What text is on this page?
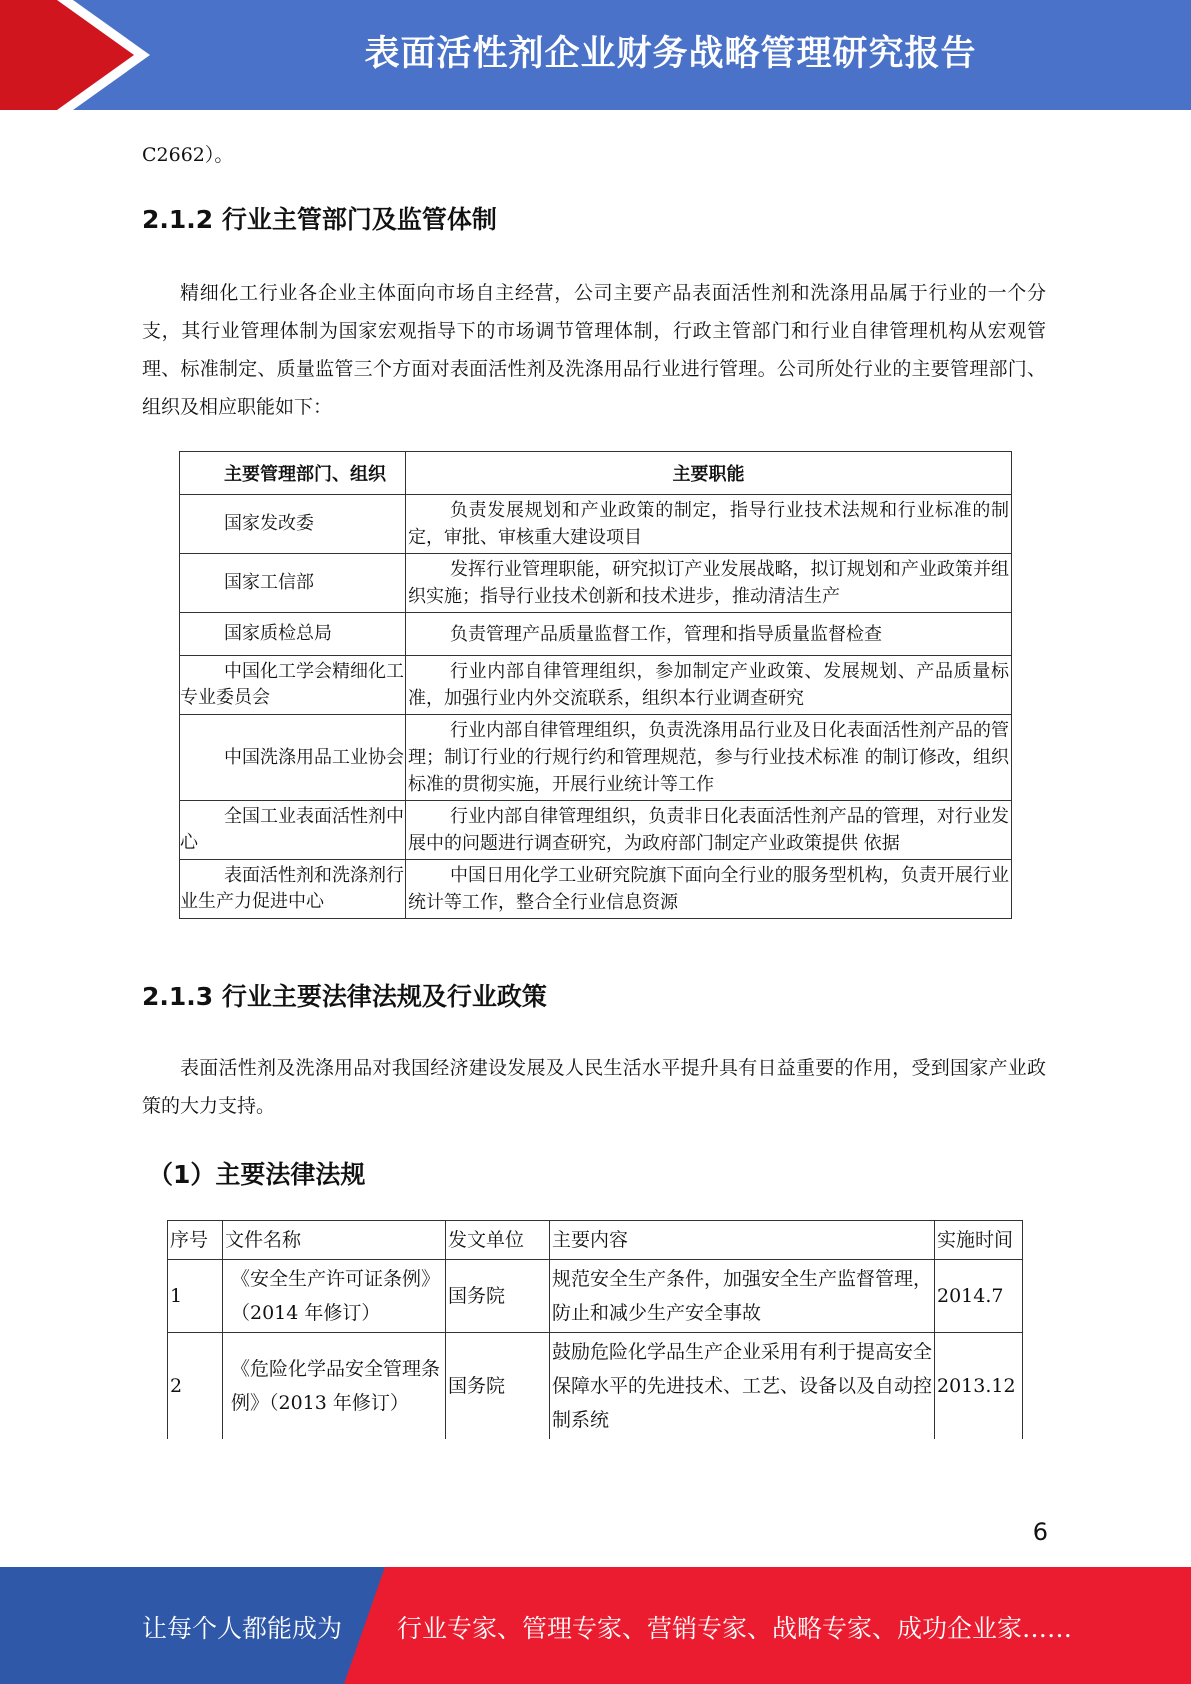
表面活性剂企业财务战略管理研究报告
C2662）。
2.1.2 行业主管部门及监管体制

精细化工行业各企业主体面向市场自主经营，公司主要产品表面活性剂和洗涤用品属于行业的一个分支，其行业管理体制为国家宏观指导下的市场调节管理体制，行政主管部门和行业自律管理机构从宏观管理、标准制定、质量监管三个方面对表面活性剂及洗涤用品行业进行管理。公司所处行业的主要管理部门、组织及相应职能如下：

主要管理部门、组织	主要职能
国家发改委	负责发展规划和产业政策的制定，指导行业技术法规和行业标准的制定，审批、审核重大建设项目
国家工信部	发挥行业管理职能，研究拟订产业发展战略，拟订规划和产业政策并组织实施；指导行业技术创新和技术进步，推动清洁生产
国家质检总局	负责管理产品质量监督工作，管理和指导质量监督检查
中国化工学会精细化工专业委员会	行业内部自律管理组织，参加制定产业政策、发展规划、产品质量标准，加强行业内外交流联系，组织本行业调查研究
中国洗涤用品工业协会	行业内部自律管理组织，负责洗涤用品行业及日化表面活性剂产品的管理；制订行业的行规行约和管理规范，参与行业技术标准 的制订修改，组织标准的贯彻实施，开展行业统计等工作
全国工业表面活性剂中心	行业内部自律管理组织，负责非日化表面活性剂产品的管理，对行业发展中的问题进行调查研究，为政府部门制定产业政策提供 依据
表面活性剂和洗涤剂行业生产力促进中心	中国日用化学工业研究院旗下面向全行业的服务型机构，负责开展行业统计等工作，整合全行业信息资源
2.1.3 行业主要法律法规及行业政策

表面活性剂及洗涤用品对我国经济建设发展及人民生活水平提升具有日益重要的作用，受到国家产业政策的大力支持。

（1）主要法律法规
序号	文件名称	发文单位	主要内容	实施时间
1	《安全生产许可证条例》（2014 年修订）	国务院	规范安全生产条件，加强安全生产监督管理，防止和减少生产安全事故	2014.7
2	《危险化学品安全管理条例》（2013 年修订）	国务院	鼓励危险化学品生产企业采用有利于提高安全保障水平的先进技术、工艺、设备以及自动控制系统	2013.12
6
让每个人都能成为 行业专家、管理专家、营销专家、战略专家、成功企业家……
